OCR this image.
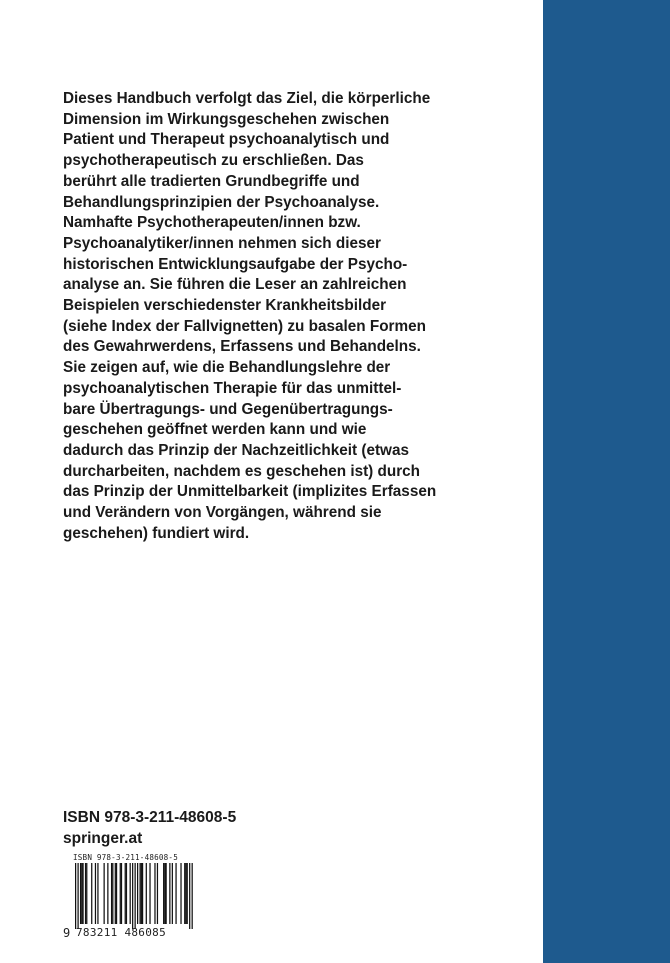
Dieses Handbuch verfolgt das Ziel, die körperliche
Dimension im Wirkungsgeschehen zwischen
Patient und Therapeut psychoanalytisch und
psychotherapeutisch zu erschließen. Das
berührt alle tradierten Grundbegriffe und
Behandlungsprinzipien der Psychoanalyse.
Namhafte Psychotherapeuten/innen bzw.
Psychoanalytiker/innen nehmen sich dieser
historischen Entwicklungsaufgabe der Psycho-
analyse an. Sie führen die Leser an zahlreichen
Beispielen verschiedenster Krankheitsbilder
(siehe Index der Fallvignetten) zu basalen Formen
des Gewahrwerdens, Erfassens und Behandelns.
Sie zeigen auf, wie die Behandlungslehre der
psychoanalytischen Therapie für das unmittel-
bare Übertragungs- und Gegenübertragungs-
geschehen geöffnet werden kann und wie
dadurch das Prinzip der Nachzeitlichkeit (etwas
durcharbeiten, nachdem es geschehen ist) durch
das Prinzip der Unmittelbarkeit (implizites Erfassen
und Verändern von Vorgängen, während sie
geschehen) fundiert wird.
ISBN 978-3-211-48608-5
springer.at
ISBN 978-3-211-48608-5
9 783211 486085
